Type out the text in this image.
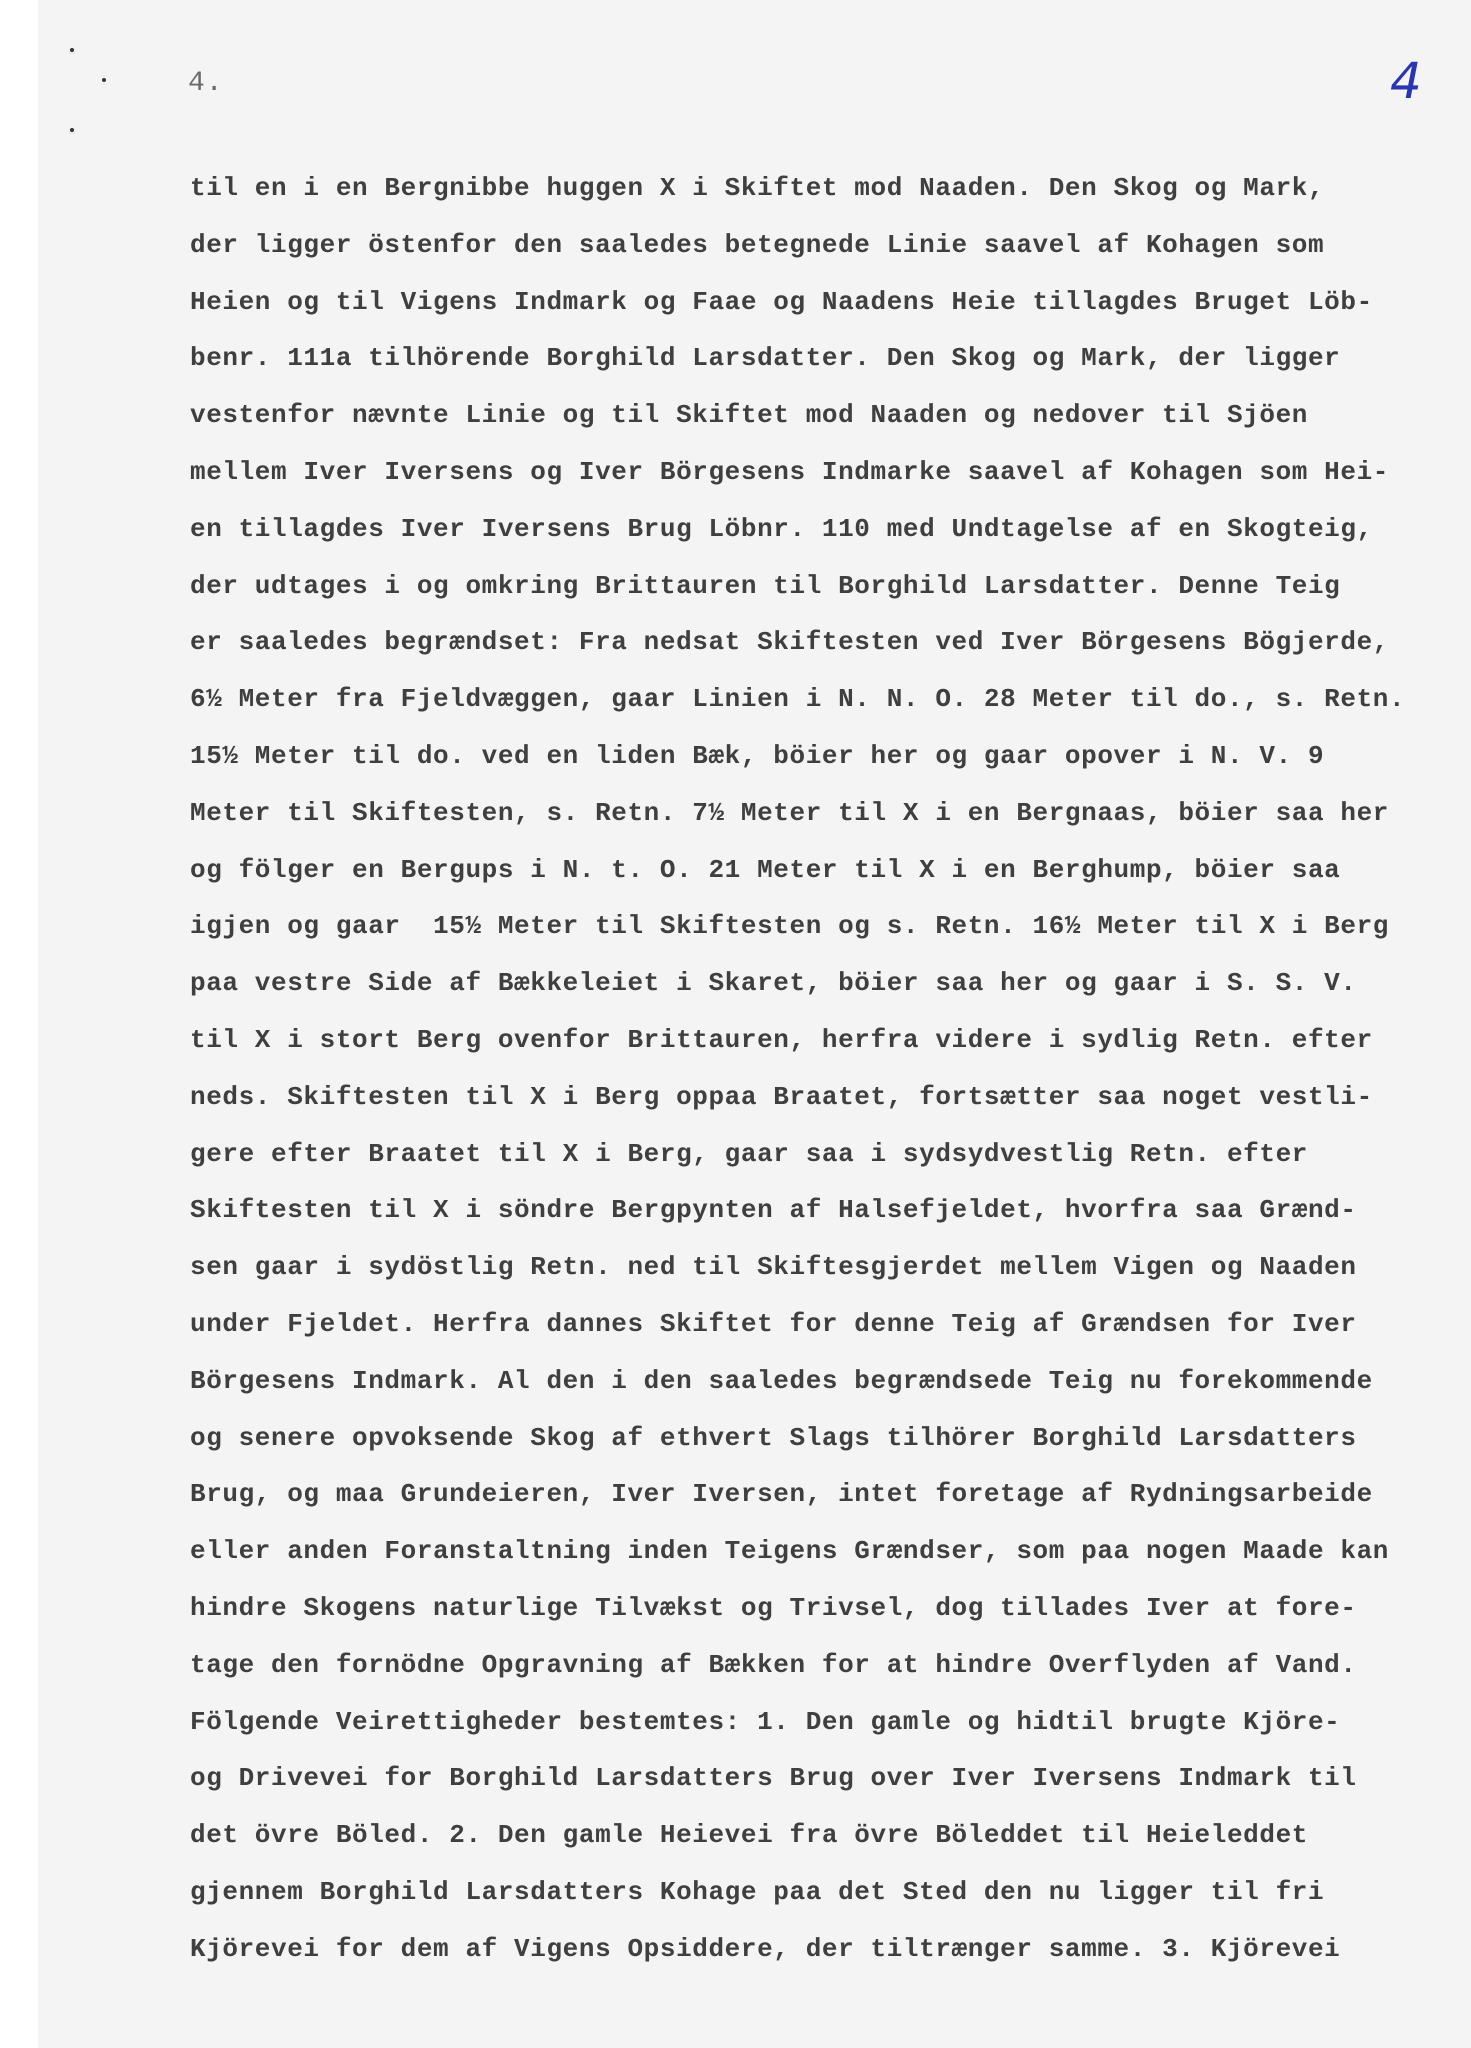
4.	4
til en i en Bergnibbe huggen X i Skiftet mod Naaden. Den Skog og Mark,
der ligger östenfor den saaledes betegnede Linie saavel af Kohagen som
Heien og til Vigens Indmark og Faae og Naadens Heie tillagdes Bruget Löb-
benr. 111a tilhörende Borghild Larsdatter. Den Skog og Mark, der ligger
vestenfor nævnte Linie og til Skiftet mod Naaden og nedover til Sjöen
mellem Iver Iversens og Iver Börgesens Indmarke saavel af Kohagen som Hei-
en tillagdes Iver Iversens Brug Löbnr. 110 med Undtagelse af en Skogteig,
der udtages i og omkring Brittauren til Borghild Larsdatter. Denne Teig
er saaledes begrændset: Fra nedsat Skiftesten ved Iver Börgesens Bögjerde,
6½ Meter fra Fjeldvæggen, gaar Linien i N. N. O. 28 Meter til do., s. Retn.
15½ Meter til do. ved en liden Bæk, böier her og gaar opover i N. V. 9
Meter til Skiftesten, s. Retn. 7½ Meter til X i en Bergnaas, böier saa her
og fölger en Bergups i N. t. O. 21 Meter til X i en Berghump, böier saa
igjen og gaar  15½ Meter til Skiftesten og s. Retn. 16½ Meter til X i Berg
paa vestre Side af Bækkeleiet i Skaret, böier saa her og gaar i S. S. V.
til X i stort Berg ovenfor Brittauren, herfra videre i sydlig Retn. efter
neds. Skiftesten til X i Berg oppaa Braatet, fortsætter saa noget vestli-
gere efter Braatet til X i Berg, gaar saa i sydsydvestlig Retn. efter
Skiftesten til X i söndre Bergpynten af Halsefjeldet, hvorfra saa Grænd-
sen gaar i sydöstlig Retn. ned til Skiftesgjerdet mellem Vigen og Naaden
under Fjeldet. Herfra dannes Skiftet for denne Teig af Grændsen for Iver
Börgesens Indmark. Al den i den saaledes begrændsede Teig nu forekommende
og senere opvoksende Skog af ethvert Slags tilhörer Borghild Larsdatters
Brug, og maa Grundeieren, Iver Iversen, intet foretage af Rydningsarbeide
eller anden Foranstaltning inden Teigens Grændser, som paa nogen Maade kan
hindre Skogens naturlige Tilvækst og Trivsel, dog tillades Iver at fore-
tage den fornödne Opgravning af Bækken for at hindre Overflyden af Vand.
Fölgende Veirettigheder bestemtes: 1. Den gamle og hidtil brugte Kjöre-
og Drivevei for Borghild Larsdatters Brug over Iver Iversens Indmark til
det övre Böled. 2. Den gamle Heievei fra övre Böleddet til Heieleddet
gjennem Borghild Larsdatters Kohage paa det Sted den nu ligger til fri
Kjörevei for dem af Vigens Opsiddere, der tiltrænger samme. 3. Kjörevei
